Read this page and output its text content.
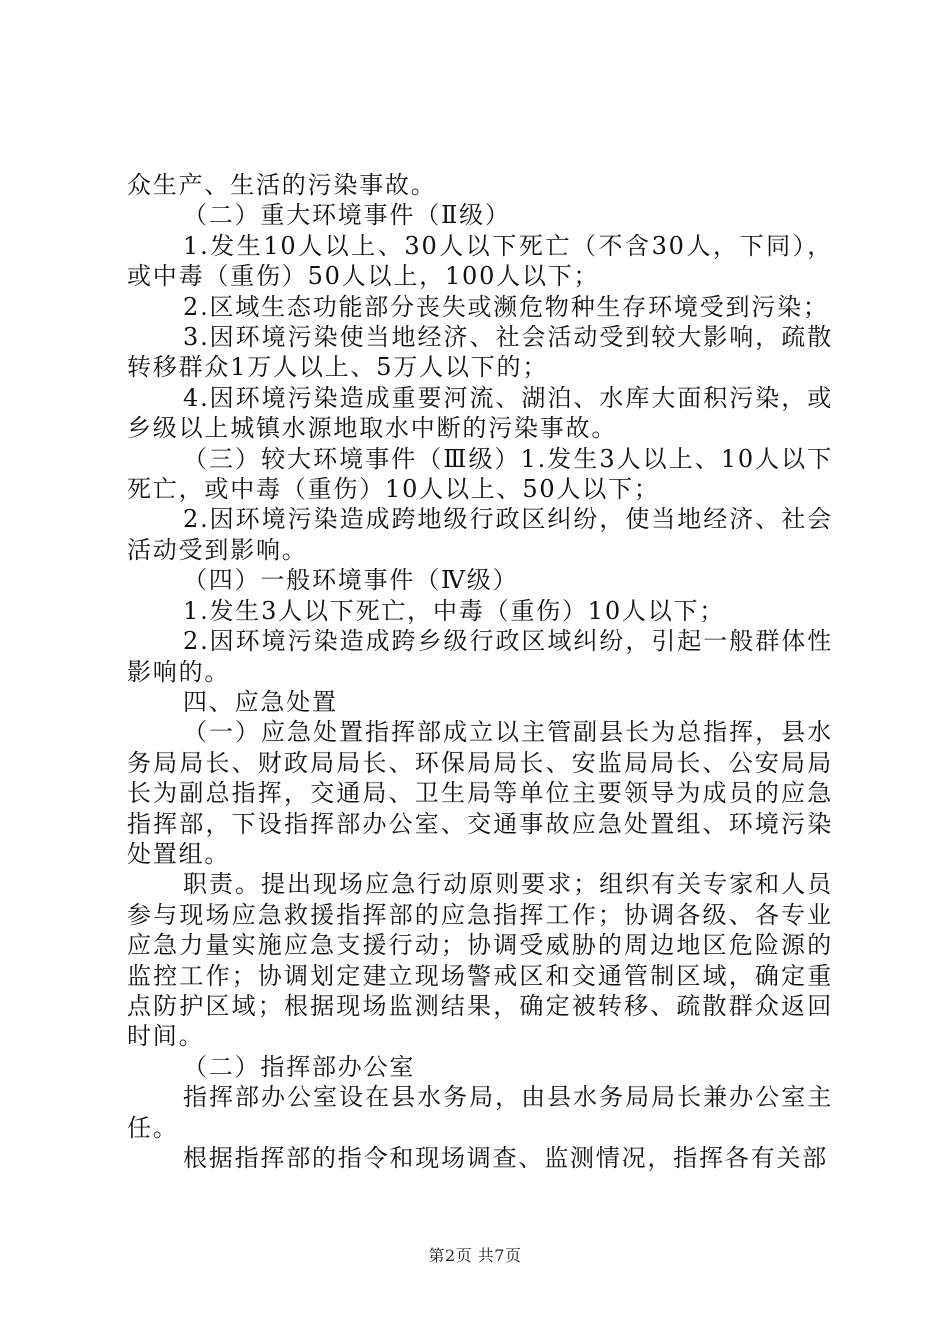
众生产、生活的污染事故。

（二）重大环境事件（Ⅱ级）

1.发生10人以上、30人以下死亡（不含30人，下同），或中毒（重伤）50人以上，100人以下；

2.区域生态功能部分丧失或濒危物种生存环境受到污染；

3.因环境污染使当地经济、社会活动受到较大影响，疏散转移群众1万人以上、5万人以下的；

4.因环境污染造成重要河流、湖泊、水库大面积污染，或乡级以上城镇水源地取水中断的污染事故。

（三）较大环境事件（Ⅲ级）1.发生3人以上、10人以下死亡，或中毒（重伤）10人以上、50人以下；

2.因环境污染造成跨地级行政区纠纷，使当地经济、社会活动受到影响。

（四）一般环境事件（Ⅳ级）

1.发生3人以下死亡，中毒（重伤）10人以下；

2.因环境污染造成跨乡级行政区域纠纷，引起一般群体性影响的。

四、应急处置

（一）应急处置指挥部成立以主管副县长为总指挥，县水务局局长、财政局局长、环保局局长、安监局局长、公安局局长为副总指挥，交通局、卫生局等单位主要领导为成员的应急指挥部，下设指挥部办公室、交通事故应急处置组、环境污染处置组。

职责。提出现场应急行动原则要求；组织有关专家和人员参与现场应急救援指挥部的应急指挥工作；协调各级、各专业应急力量实施应急支援行动；协调受威胁的周边地区危险源的监控工作；协调划定建立现场警戒区和交通管制区域，确定重点防护区域；根据现场监测结果，确定被转移、疏散群众返回时间。

（二）指挥部办公室

指挥部办公室设在县水务局，由县水务局局长兼办公室主任。

根据指挥部的指令和现场调查、监测情况，指挥各有关部

第2页 共7页
